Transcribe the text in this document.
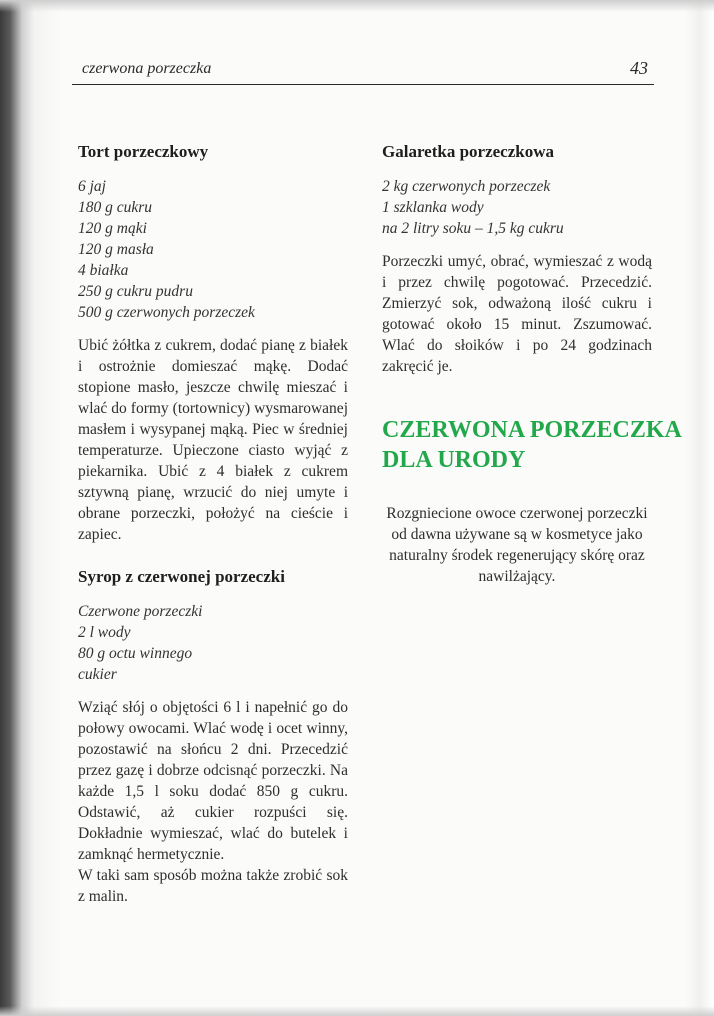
czerwona porzeczka	43
Tort porzeczkowy
6 jaj
180 g cukru
120 g mąki
120 g masła
4 białka
250 g cukru pudru
500 g czerwonych porzeczek

Ubić żółtka z cukrem, dodać pianę z białek i ostrożnie domieszać mąkę. Dodać stopione masło, jeszcze chwilę mieszać i wlać do formy (tortownicy) wysmarowanej masłem i wysypanej mąką. Piec w średniej temperaturze. Upieczone ciasto wyjąć z piekarnika. Ubić z 4 białek z cukrem sztywną pianę, wrzucić do niej umyte i obrane porzeczki, położyć na cieście i zapiec.

Syrop z czerwonej porzeczki
Czerwone porzeczki
2 l wody
80 g octu winnego
cukier

Wziąć słój o objętości 6 l i napełnić go do połowy owocami. Wlać wodę i ocet winny, pozostawić na słońcu 2 dni. Przecedzić przez gazę i dobrze odcisnąć porzeczki. Na każde 1,5 l soku dodać 850 g cukru. Odstawić, aż cukier rozpuści się. Dokładnie wymieszać, wlać do butelek i zamknąć hermetycznie.

W taki sam sposób można także zrobić sok z malin.

Galaretka porzeczkowa
2 kg czerwonych porzeczek
1 szklanka wody
na 2 litry soku – 1,5 kg cukru

Porzeczki umyć, obrać, wymieszać z wodą i przez chwilę pogotować. Przecedzić. Zmierzyć sok, odważoną ilość cukru i gotować około 15 minut. Zszumować. Wlać do słoików i po 24 godzinach zakręcić je.

CZERWONA PORZECZKA
DLA URODY

Rozgniecione owoce czerwonej porzeczki od dawna używane są w kosmetyce jako naturalny środek regenerujący skórę oraz nawilżający.
